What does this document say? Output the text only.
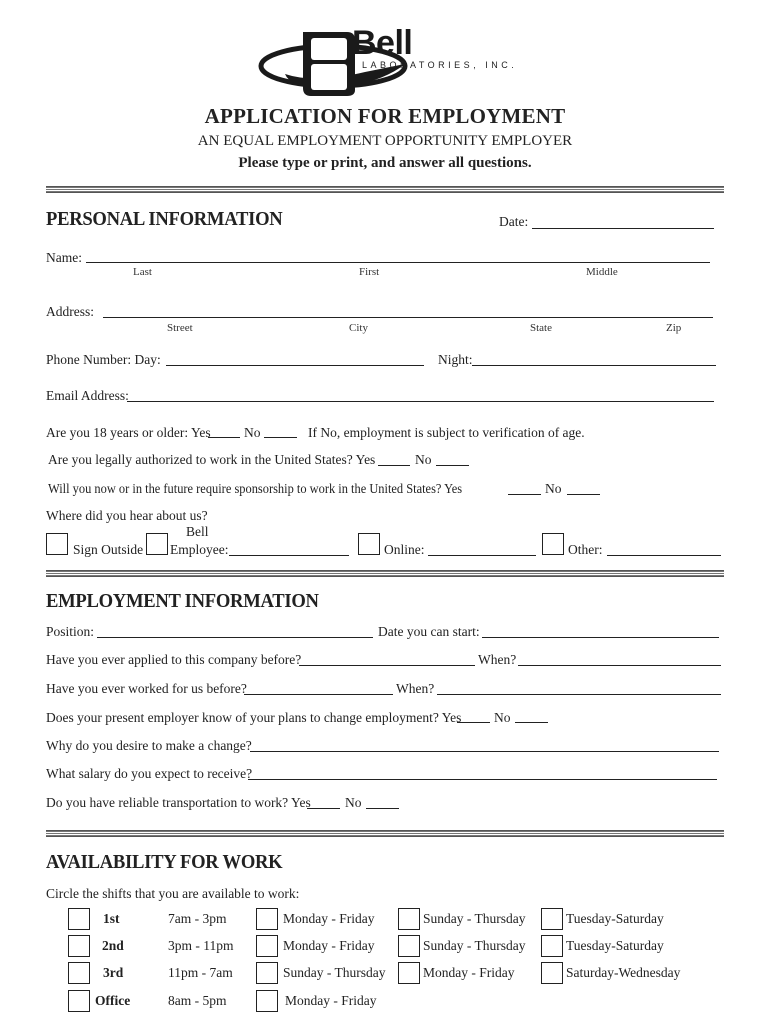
Bell
LABORATORIES, INC.
APPLICATION FOR EMPLOYMENT
AN EQUAL EMPLOYMENT OPPORTUNITY EMPLOYER
Please type or print, and answer all questions.
PERSONAL INFORMATION	Date:
Name:
Last	First	Middle
Address:
Street	City	State	Zip
Phone Number: Day:	Night:
Email Address:
Are you 18 years or older: Yes No	If No, employment is subject to verification of age.
Are you legally authorized to work in the United States? Yes	No
Will you now or in the future require sponsorship to work in the United States? Yes	No
Where did you hear about us?
Sign Outside
Bell
Employee:	Online:	Other:
EMPLOYMENT INFORMATION
Position:	Date you can start:
Have you ever applied to this company before?	When?
Have you ever worked for us before?	When?
Does your present employer know of your plans to change employment? Yes No
Why do you desire to make a change?
What salary do you expect to receive?
Do you have reliable transportation to work? Yes	No
AVAILABILITY FOR WORK
Circle the shifts that you are available to work:
1st	7am - 3pm	Monday - Friday	Sunday - Thursday	Tuesday-Saturday
2nd	3pm - 11pm	Monday - Friday	Sunday - Thursday	Tuesday-Saturday
3rd	11pm - 7am	Sunday - Thursday	Monday - Friday	Saturday-Wednesday
Office	8am - 5pm	Monday - Friday
